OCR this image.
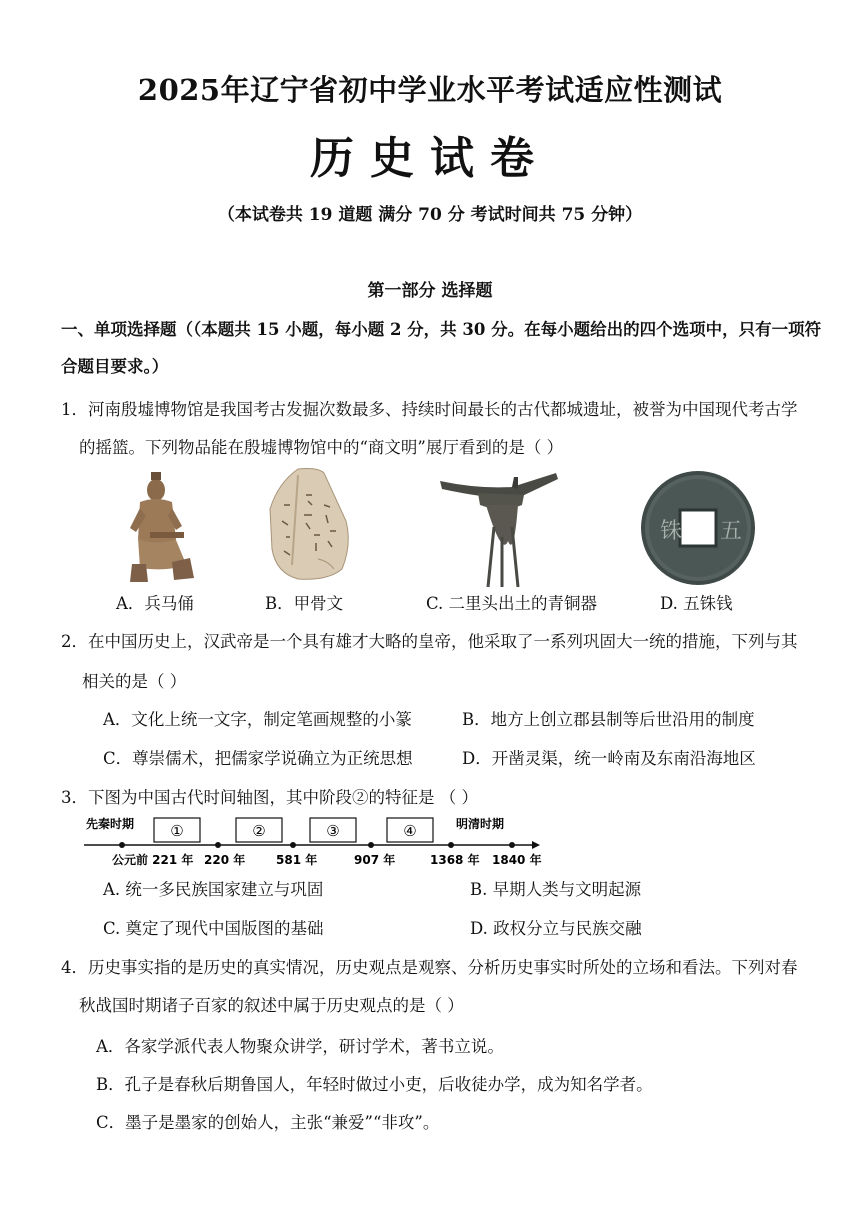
2025年辽宁省初中学业水平考试适应性测试
历史试卷
（本试卷共 19 道题 满分 70 分 考试时间共 75 分钟）
第一部分 选择题
一、单项选择题（（本题共 15 小题，每小题 2 分，共 30 分。在每小题给出的四个选项中，只有一项符
合题目要求。）
1．河南殷墟博物馆是我国考古发掘次数最多、持续时间最长的古代都城遗址，被誉为中国现代考古学
的摇篮。下列物品能在殷墟博物馆中的“商文明”展厅看到的是（ ）
铢 五
A．兵马俑	B．甲骨文	C. 二里头出土的青铜器	D. 五铢钱
2．在中国历史上，汉武帝是一个具有雄才大略的皇帝，他采取了一系列巩固大一统的措施，下列与其
相关的是（ ）
A．文化上统一文字，制定笔画规整的小篆	B．地方上创立郡县制等后世沿用的制度
C．尊崇儒术，把儒家学说确立为正统思想	D．开凿灵渠，统一岭南及东南沿海地区
3．下图为中国古代时间轴图，其中阶段②的特征是 （ ）
先秦时期	明清时期
①	②	③	④
公元前 221 年 220 年	581 年	907 年	1368 年 1840 年
A. 统一多民族国家建立与巩固	B. 早期人类与文明起源
C. 奠定了现代中国版图的基础	D. 政权分立与民族交融
4．历史事实指的是历史的真实情况，历史观点是观察、分析历史事实时所处的立场和看法。下列对春
秋战国时期诸子百家的叙述中属于历史观点的是（ ）
A．各家学派代表人物聚众讲学，研讨学术，著书立说。
B．孔子是春秋后期鲁国人，年轻时做过小吏，后收徒办学，成为知名学者。
C．墨子是墨家的创始人，主张“兼爱”“非攻”。
